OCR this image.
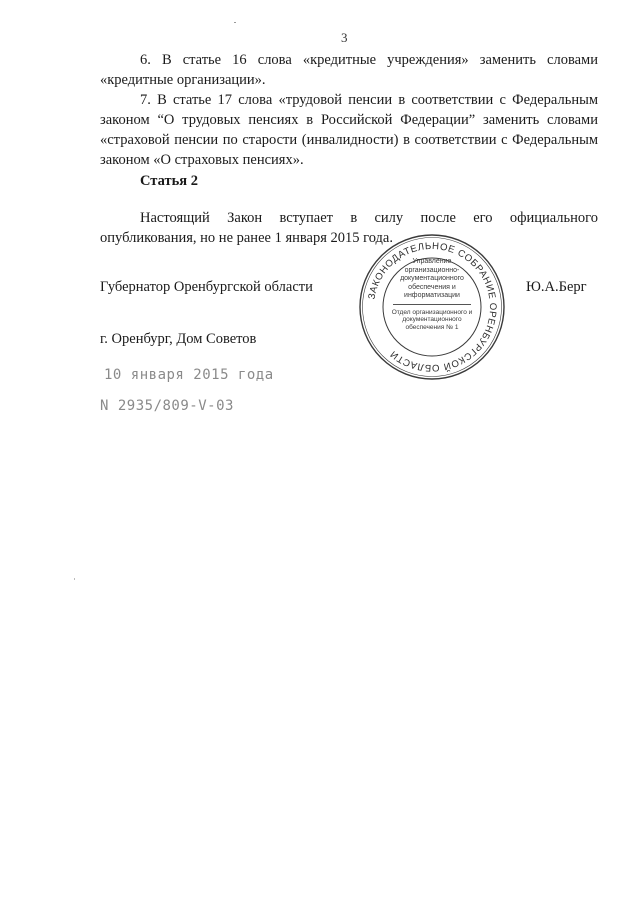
3

6. В статье 16 слова «кредитные учреждения» заменить словами «кредитные организации».

7. В статье 17 слова «трудовой пенсии в соответствии с Федеральным законом “О трудовых пенсиях в Российской Федерации” заменить словами «страховой пенсии по старости (инвалидности) в соответствии с Федеральным законом «О страховых пенсиях».

Статья 2

Настоящий Закон вступает в силу после его официального опубликования, но не ранее 1 января 2015 года.

Губернатор Оренбургской области	Ю.А.Берг
ЗАКОНОДАТЕЛЬНОЕ СОБРАНИЕ ОРЕНБУРГСКОЙ ОБЛАСТИ
Управление организационно-документационного обеспечения и информатизации
Отдел организационного и документационного обеспечения № 1
г. Оренбург, Дом Советов
10 января 2015 года
N 2935/809-V-03
